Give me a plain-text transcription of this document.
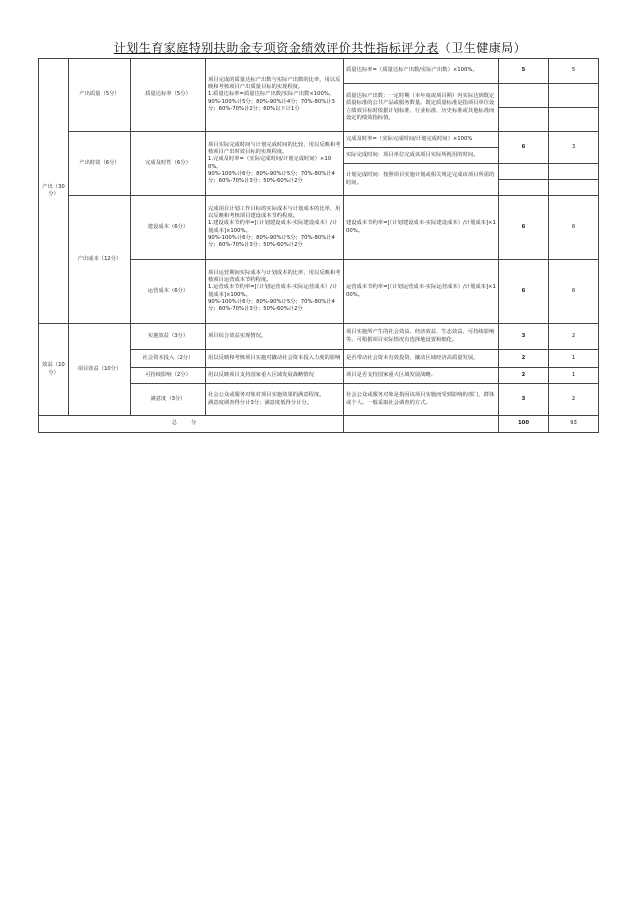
计划生育家庭特别扶助金专项资金绩效评价共性指标评分表（卫生健康局）
产出（30分）	产出质量（5分）	质量达标率（5分）	项目完成的质量达标产出数与实际产出数的比率，用以反映和考核项目产出质量目标的实现程度。
1.质量达标率=质量达标产出数/实际产出数×100%。
90%-100%计5分；80%-90%计4分；70%-80%计3分；60%-70%计2分；60%以下计1分	质量达标率=（质量达标产出数/实际产出数）×100%。	5	5

				质量达标产出数：一定时期（本年度或项目期）内实际达到既定质量标准的公共产品或服务数量。既定质量标准是指项目单位设立绩效目标时依据计划标准、行业标准、历史标准或其他标准而设定的绩效指标值。		

	产出时效（6分）	完成及时性（6分）	项目实际完成时间与计划完成时间的比较，用以反映和考核项目产出时效目标的实现程度。
1.完成及时率=（实际完成时间/计划完成时间）×100%。
90%-100%计6分；80%-90%计5分；70%-80%计4分；60%-70%计3分；50%-60%计2分	完成及时率=（实际完成时间/计划完成时间）×100%	6	3
				实际完成时间：项目单位完成该项目实际所耗用的时间。		
				计划完成时间：按照项目实施计划或相关规定完成该项目所需的时间。		

	产出成本（12分）	建设成本（6分）	完成项目计划工作目标的实际成本与计划成本的比率，用以反映和考核项目建设成本节约程度。
1.建设成本节约率=[（计划建设成本-实际建设成本）/计划成本]×100%。
90%-100%计6分；80%-90%计5分；70%-80%计4分；60%-70%计3分；50%-60%计2分	建设成本节约率=[（计划建设成本-实际建设成本）/计划成本]×100%。	6	6

		运营成本（6分）	项目运营期间实际成本与计划成本的比率，用以反映和考核项目运营成本节约程度。
1.运营成本节约率=[（计划运营成本-实际运营成本）/计划成本]×100%。
90%-100%计6分；80%-90%计5分；70%-80%计4分；60%-70%计3分；50%-60%计2分	运营成本节约率=[（计划运营成本-实际运营成本）/计划成本]×100%。	6	6

效益（10分）	项目效益（10分）	实施效益（3分）	项目综合效益实现情况。	项目实施所产生的社会效益、经济效益、生态效益、可持续影响等。可根据项目实际情况有选择地设置和细化。	3	2
		社会资本投入（2分）	用以反映和考核项目实施对撬动社会资本投入力度的影响	是否带动社会资本有效投资，撬动区域经济高质量发展。	2	1
		可持续影响（2分）	用以反映项目支持国家重大区域发展战略情况	项目是否支持国家重大区域发展战略。	2	1
		满意度（3分）	社会公众或服务对象对项目实施效果的满意程度。
满意度调查得分计3分；满意度低得分计分。	社会公众或服务对象是指因该项目实施而受到影响的部门、群体或个人。一般采取社会调查的方式。	3	2
总分					100	93
